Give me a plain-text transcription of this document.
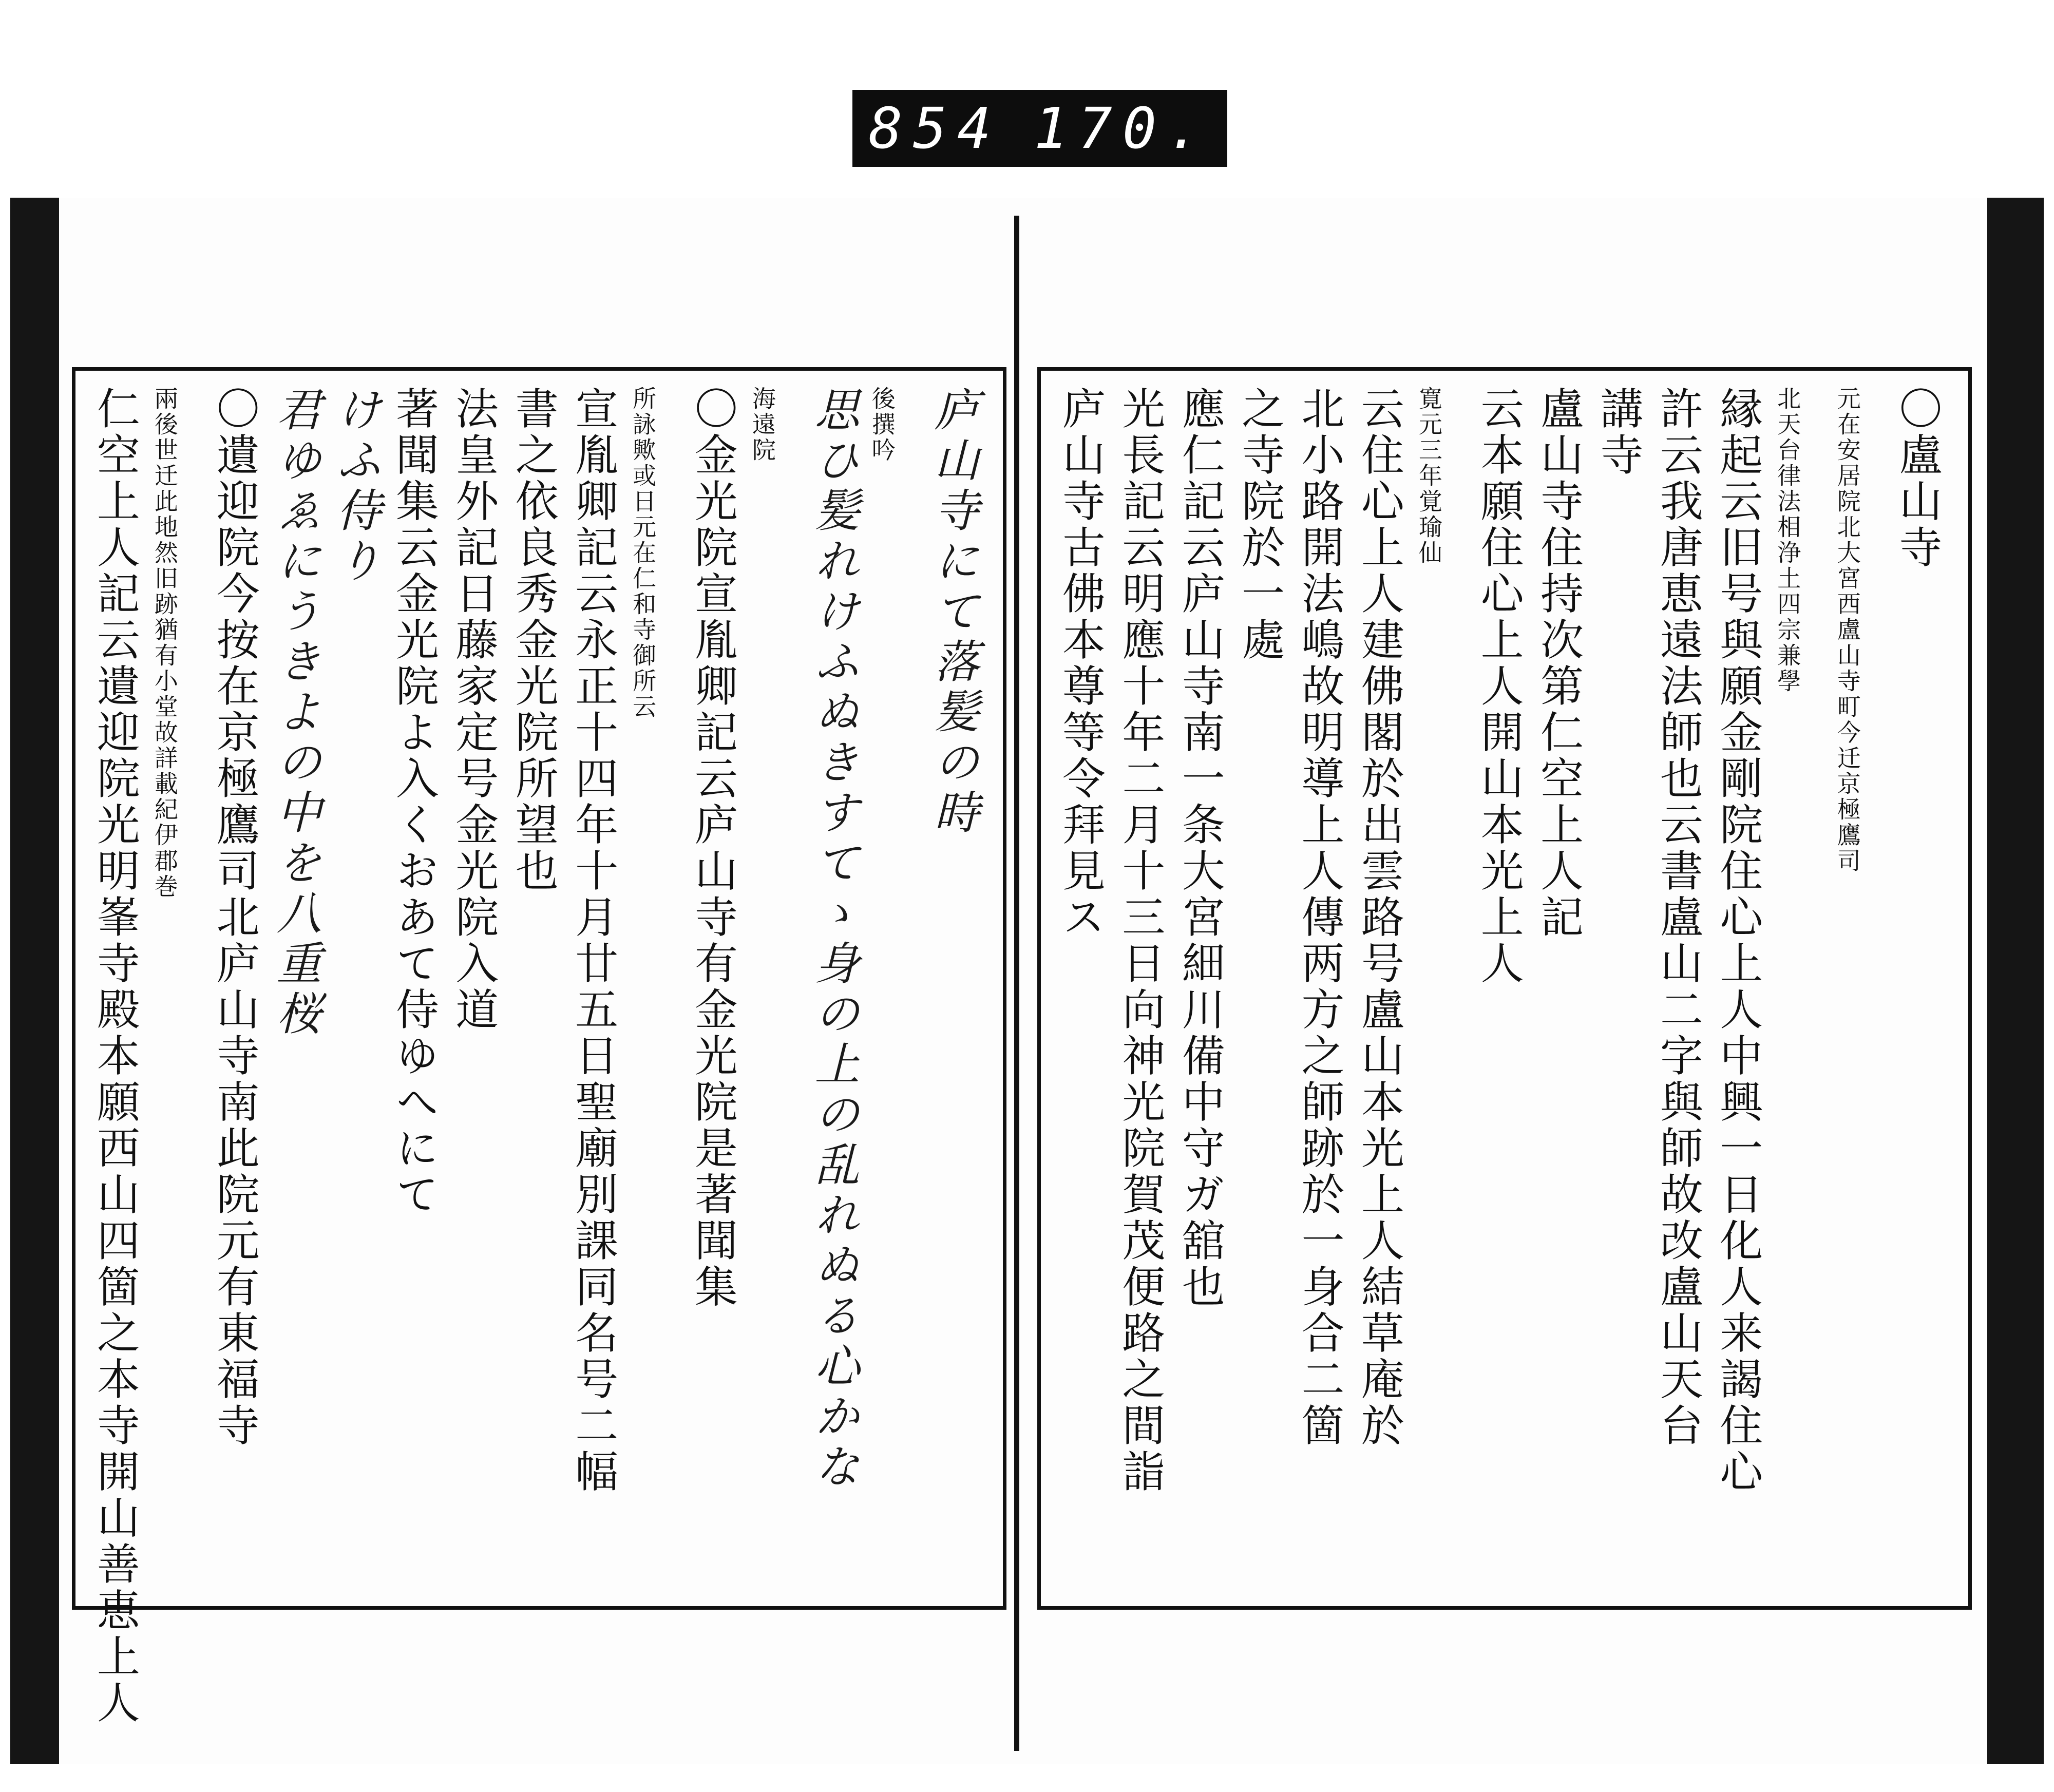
854 170.
庐山寺にて落髪の時
後撰吟
思ひ髪れけふぬきすてゝ身の上の乱れぬる心かな
海遠院
〇金光院宣胤卿記云庐山寺有金光院是著聞集
所詠歟或日元在仁和寺御所云
宣胤卿記云永正十四年十月廿五日聖廟別課同名号二幅
書之依良秀金光院所望也
法皇外記日藤家定号金光院入道
著聞集云金光院よ入くおあて侍ゆへにて
けふ侍り
君ゆゑにうきよの中を八重桜
〇遺迎院今按在京極鷹司北庐山寺南此院元有東福寺
兩後世迁此地然旧跡猶有小堂故詳載紀伊郡巻
仁空上人記云遺迎院光明峯寺殿本願西山四箇之本寺開山善恵上人	〇盧山寺
元在安居院北大宮西盧山寺町今迁京極鷹司
北天台律法相浄土四宗兼學
縁起云旧号與願金剛院住心上人中興一日化人来謁住心
許云我唐恵遠法師也云書盧山二字與師故改盧山天台
講寺
盧山寺住持次第仁空上人記
云本願住心上人開山本光上人
寛元三年覚瑜仙
云住心上人建佛閣於出雲路号盧山本光上人結草庵於
北小路開法嶋故明導上人傳两方之師跡於一身合二箇
之寺院於一處
應仁記云庐山寺南一条大宮細川備中守ガ舘也
光長記云明應十年二月十三日向神光院賀茂便路之間詣
庐山寺古佛本尊等令拜見ス
